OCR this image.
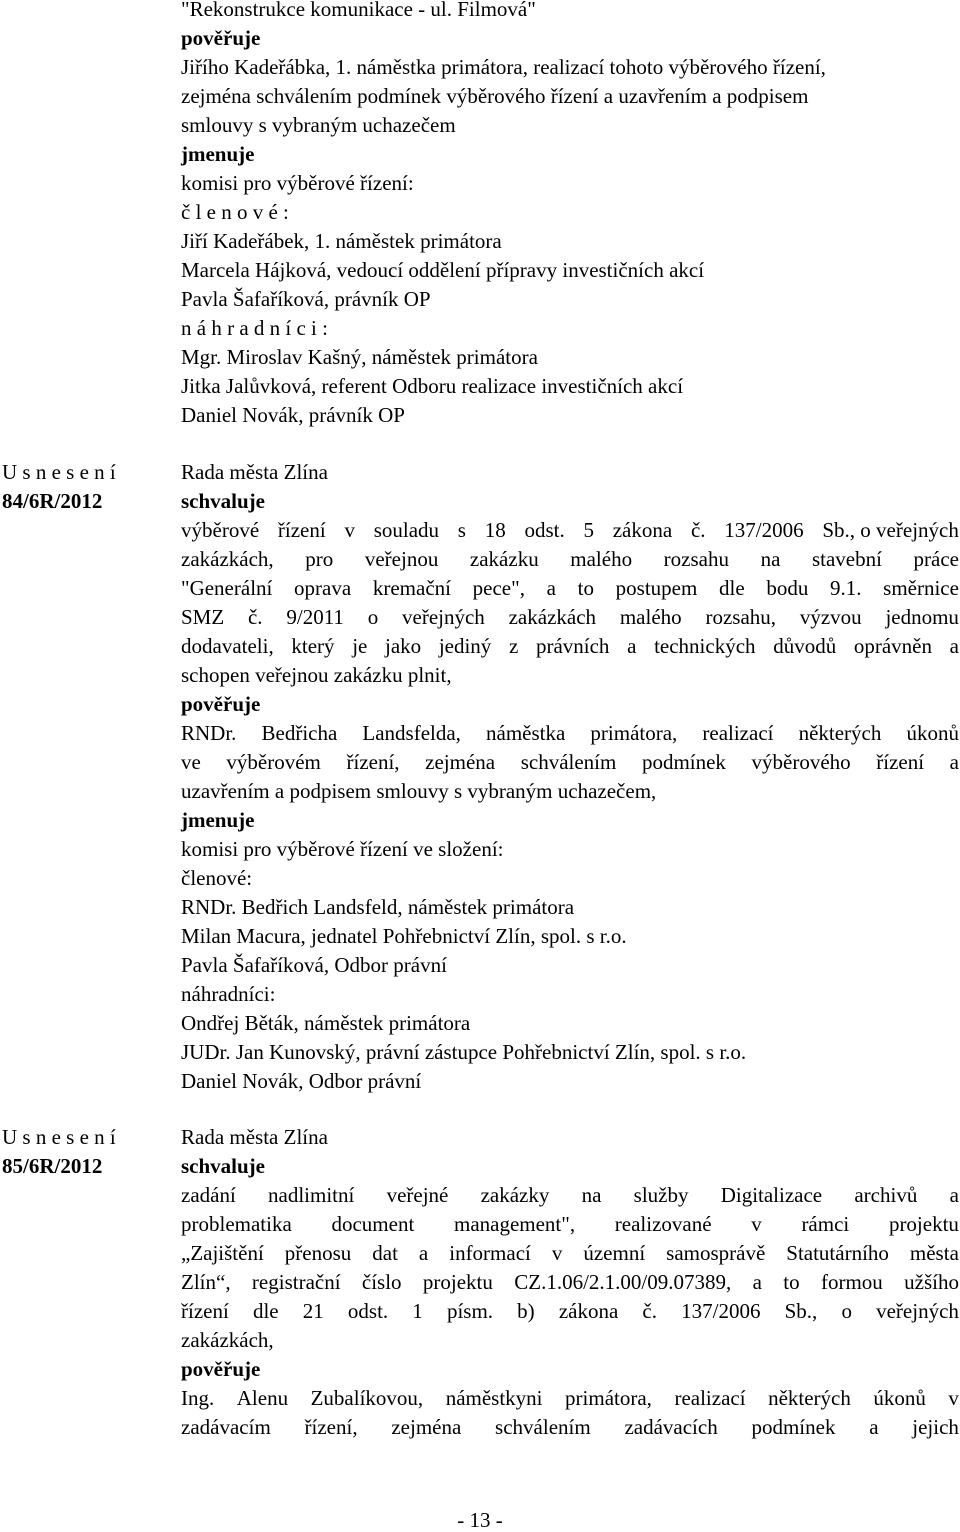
"Rekonstrukce komunikace - ul. Filmová"
pověřuje
Jiřího Kadeřábka, 1. náměstka primátora, realizací tohoto výběrového řízení,
zejména schválením podmínek výběrového řízení a uzavřením a podpisem
smlouvy s vybraným uchazečem
jmenuje
komisi pro výběrové řízení:
č l e n o v é :
Jiří Kadeřábek, 1. náměstek primátora
Marcela Hájková, vedoucí oddělení přípravy investičních akcí
Pavla Šafaříková, právník OP
n á h r a d n í c i :
Mgr. Miroslav Kašný, náměstek primátora
Jitka Jalůvková, referent Odboru realizace investičních akcí
Daniel Novák, právník OP
U s n e s e n í
84/6R/2012
Rada města Zlína
schvaluje
výběrové řízení v souladu s 18 odst. 5 zákona č. 137/2006 Sb., o veřejných
zakázkách, pro veřejnou zakázku malého rozsahu na stavební práce
"Generální oprava kremační pece", a to postupem dle bodu 9.1. směrnice
SMZ č. 9/2011 o veřejných zakázkách malého rozsahu, výzvou jednomu
dodavateli, který je jako jediný z právních a technických důvodů oprávněn a
schopen veřejnou zakázku plnit,
pověřuje
RNDr. Bedřicha Landsfelda, náměstka primátora, realizací některých úkonů
ve výběrovém řízení, zejména schválením podmínek výběrového řízení a
uzavřením a podpisem smlouvy s vybraným uchazečem,
jmenuje
komisi pro výběrové řízení ve složení:
členové:
RNDr. Bedřich Landsfeld, náměstek primátora
Milan Macura, jednatel Pohřebnictví Zlín, spol. s r.o.
Pavla Šafaříková, Odbor právní
náhradníci:
Ondřej Běták, náměstek primátora
JUDr. Jan Kunovský, právní zástupce Pohřebnictví Zlín, spol. s r.o.
Daniel Novák, Odbor právní
U s n e s e n í
85/6R/2012
Rada města Zlína
schvaluje
zadání nadlimitní veřejné zakázky na služby Digitalizace archivů a
problematika document management", realizované v rámci projektu
„Zajištění přenosu dat a informací v územní samosprávě Statutárního města
Zlín“, registrační číslo projektu CZ.1.06/2.1.00/09.07389, a to formou užšího
řízení dle 21 odst. 1 písm. b) zákona č. 137/2006 Sb., o veřejných
zakázkách,
pověřuje
Ing. Alenu Zubalíkovou, náměstkyni primátora, realizací některých úkonů v
zadávacím řízení, zejména schválením zadávacích podmínek a jejich
- 13 -
